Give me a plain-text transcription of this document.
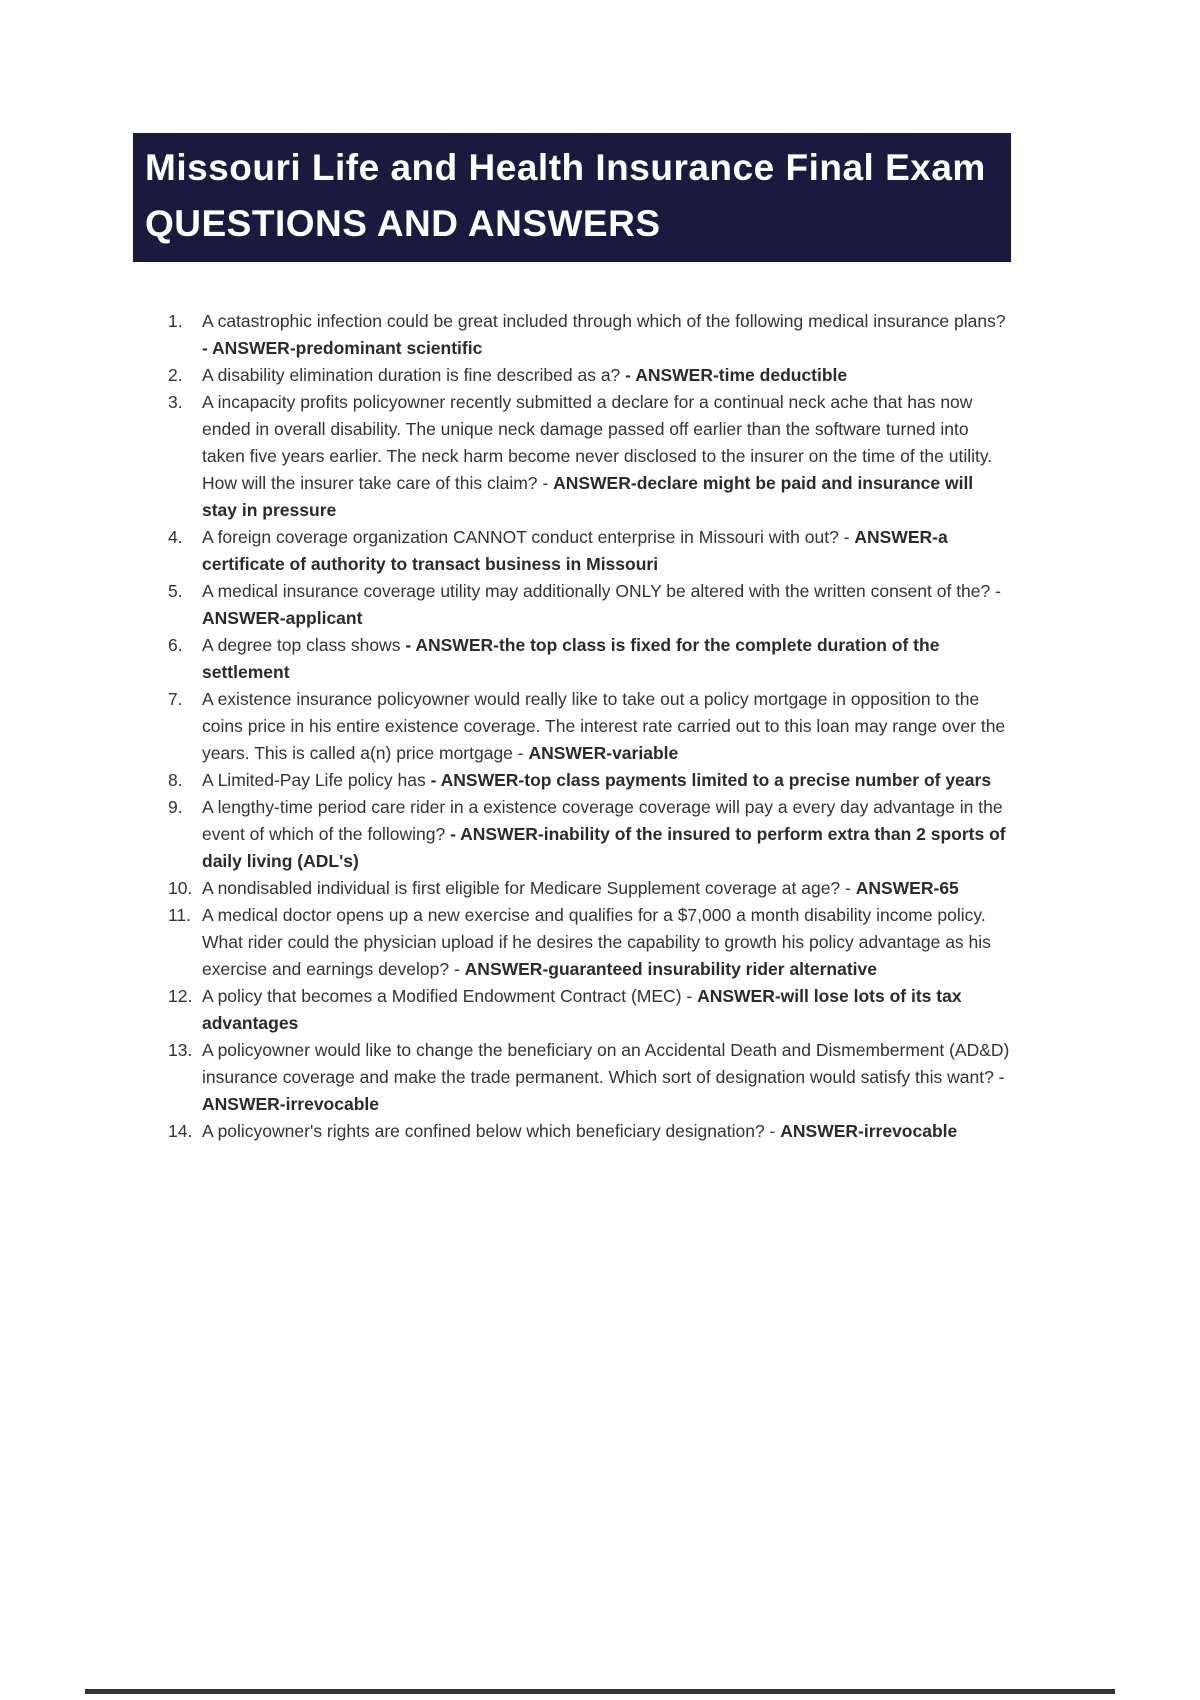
Missouri Life and Health Insurance Final Exam QUESTIONS AND ANSWERS
1.	A catastrophic infection could be great included through which of the following medical insurance plans? - ANSWER-predominant scientific
2.	A disability elimination duration is fine described as a? - ANSWER-time deductible
3.	A incapacity profits policyowner recently submitted a declare for a continual neck ache that has now ended in overall disability. The unique neck damage passed off earlier than the software turned into taken five years earlier. The neck harm become never disclosed to the insurer on the time of the utility. How will the insurer take care of this claim? - ANSWER-declare might be paid and insurance will stay in pressure
4.	A foreign coverage organization CANNOT conduct enterprise in Missouri with out? - ANSWER-a certificate of authority to transact business in Missouri
5.	A medical insurance coverage utility may additionally ONLY be altered with the written consent of the? - ANSWER-applicant
6.	A degree top class shows - ANSWER-the top class is fixed for the complete duration of the settlement
7.	A existence insurance policyowner would really like to take out a policy mortgage in opposition to the coins price in his entire existence coverage. The interest rate carried out to this loan may range over the years. This is called a(n) price mortgage - ANSWER-variable
8.	A Limited-Pay Life policy has - ANSWER-top class payments limited to a precise number of years
9.	A lengthy-time period care rider in a existence coverage coverage will pay a every day advantage in the event of which of the following? - ANSWER-inability of the insured to perform extra than 2 sports of daily living (ADL's)
10. A nondisabled individual is first eligible for Medicare Supplement coverage at age? - ANSWER-65
11. A medical doctor opens up a new exercise and qualifies for a $7,000 a month disability income policy. What rider could the physician upload if he desires the capability to growth his policy advantage as his exercise and earnings develop? - ANSWER-guaranteed insurability rider alternative
12. A policy that becomes a Modified Endowment Contract (MEC) - ANSWER-will lose lots of its tax advantages
13. A policyowner would like to change the beneficiary on an Accidental Death and Dismemberment (AD&D) insurance coverage and make the trade permanent. Which sort of designation would satisfy this want? - ANSWER-irrevocable
14. A policyowner's rights are confined below which beneficiary designation? - ANSWER-irrevocable
